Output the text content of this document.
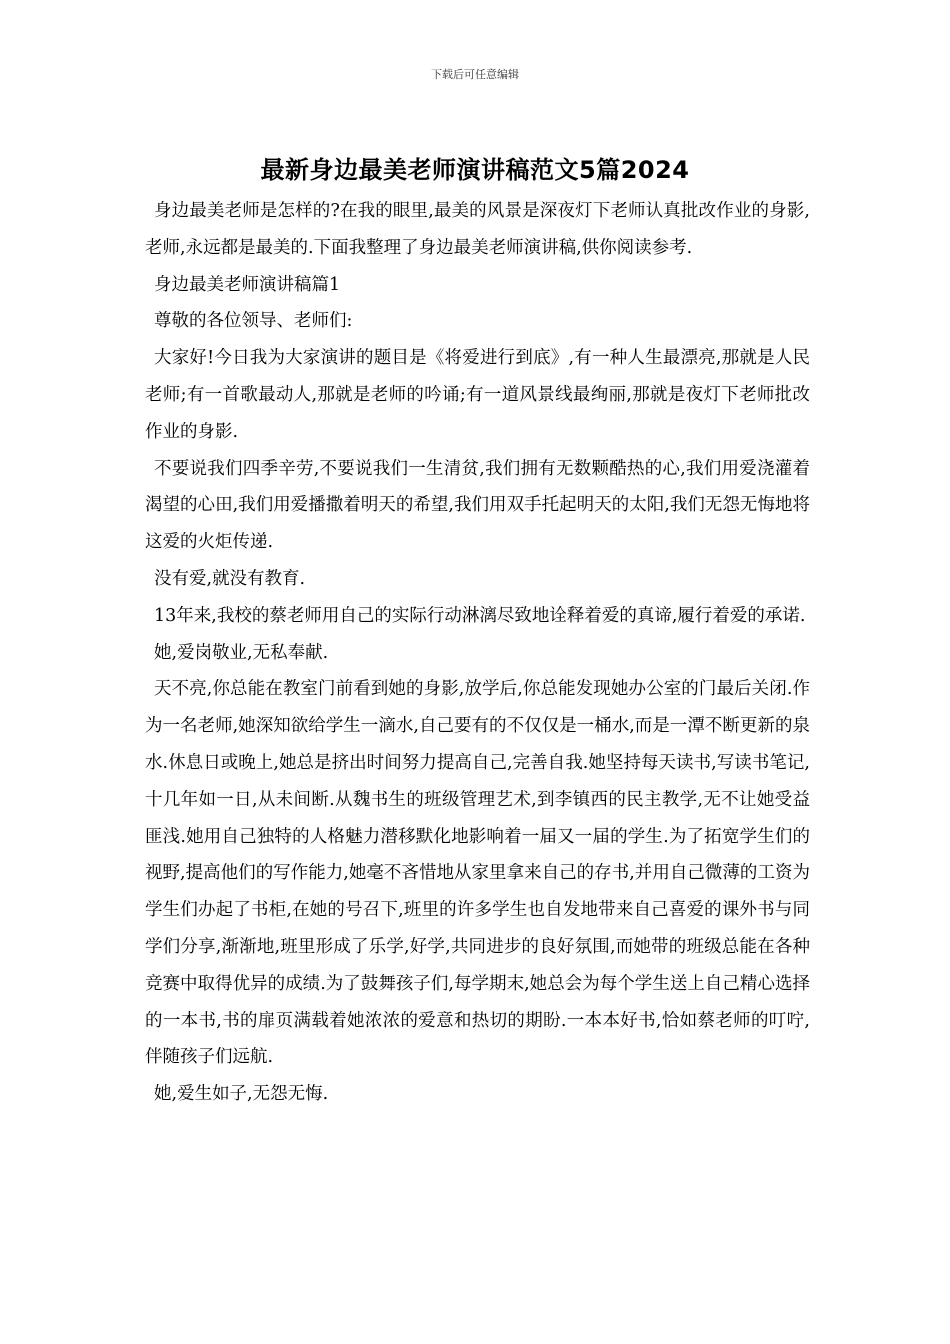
下载后可任意编辑
最新身边最美老师演讲稿范文5篇2024

身边最美老师是怎样的?在我的眼里,最美的风景是深夜灯下老师认真批改作业的身影,老师,永远都是最美的.下面我整理了身边最美老师演讲稿,供你阅读参考.

身边最美老师演讲稿篇1

尊敬的各位领导、老师们:

大家好!今日我为大家演讲的题目是《将爱进行到底》,有一种人生最漂亮,那就是人民老师;有一首歌最动人,那就是老师的吟诵;有一道风景线最绚丽,那就是夜灯下老师批改作业的身影.

不要说我们四季辛劳,不要说我们一生清贫,我们拥有无数颗酷热的心,我们用爱浇灌着渴望的心田,我们用爱播撒着明天的希望,我们用双手托起明天的太阳,我们无怨无悔地将这爱的火炬传递.

没有爱,就没有教育.

13年来,我校的蔡老师用自己的实际行动淋漓尽致地诠释着爱的真谛,履行着爱的承诺.

她,爱岗敬业,无私奉献.

天不亮,你总能在教室门前看到她的身影,放学后,你总能发现她办公室的门最后关闭.作为一名老师,她深知欲给学生一滴水,自己要有的不仅仅是一桶水,而是一潭不断更新的泉水.休息日或晚上,她总是挤出时间努力提高自己,完善自我.她坚持每天读书,写读书笔记,十几年如一日,从未间断.从魏书生的班级管理艺术,到李镇西的民主教学,无不让她受益匪浅.她用自己独特的人格魅力潜移默化地影响着一届又一届的学生.为了拓宽学生们的视野,提高他们的写作能力,她毫不吝惜地从家里拿来自己的存书,并用自己微薄的工资为学生们办起了书柜,在她的号召下,班里的许多学生也自发地带来自己喜爱的课外书与同学们分享,渐渐地,班里形成了乐学,好学,共同进步的良好氛围,而她带的班级总能在各种竞赛中取得优异的成绩.为了鼓舞孩子们,每学期末,她总会为每个学生送上自己精心选择的一本书,书的扉页满载着她浓浓的爱意和热切的期盼.一本本好书,恰如蔡老师的叮咛,伴随孩子们远航.

她,爱生如子,无怨无悔.
